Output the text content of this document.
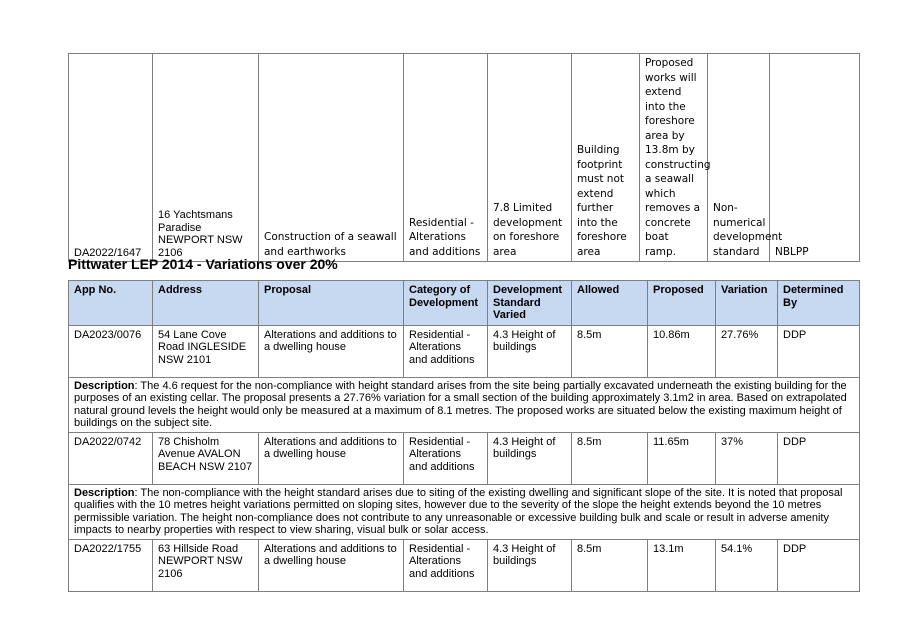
DA2022/1647	16 Yachtsmans Paradise NEWPORT NSW 2106	Construction of a seawall and earthworks	Residential - Alterations and additions	7.8 Limited development on foreshore area	Building footprint must not extend further into the foreshore area	Proposed works will extend into the foreshore area by 13.8m by constructing a seawall which removes a concrete boat ramp.	Non-numerical development standard	NBLPP
Pittwater LEP 2014 - Variations over 20%
App No.	Address	Proposal	Category of Development	Development Standard Varied	Allowed	Proposed	Variation	Determined By
DA2023/0076	54 Lane Cove Road INGLESIDE NSW 2101	Alterations and additions to a dwelling house	Residential - Alterations and additions	4.3 Height of buildings	8.5m	10.86m	27.76%	DDP
Description: The 4.6 request for the non-compliance with height standard arises from the site being partially excavated underneath the existing building for the purposes of an existing cellar. The proposal presents a 27.76% variation for a small section of the building approximately 3.1m2 in area. Based on extrapolated natural ground levels the height would only be measured at a maximum of 8.1 metres. The proposed works are situated below the existing maximum height of buildings on the subject site.								
DA2022/0742	78 Chisholm Avenue AVALON BEACH NSW 2107	Alterations and additions to a dwelling house	Residential - Alterations and additions	4.3 Height of buildings	8.5m	11.65m	37%	DDP
Description: The non-compliance with the height standard arises due to siting of the existing dwelling and significant slope of the site. It is noted that proposal qualifies with the 10 metres height variations permitted on sloping sites, however due to the severity of the slope the height extends beyond the 10 metres permissible variation. The height non-compliance does not contribute to any unreasonable or excessive building bulk and scale or result in adverse amenity impacts to nearby properties with respect to view sharing, visual bulk or solar access.								
DA2022/1755	63 Hillside Road NEWPORT NSW 2106	Alterations and additions to a dwelling house	Residential - Alterations and additions	4.3 Height of buildings	8.5m	13.1m	54.1%	DDP
